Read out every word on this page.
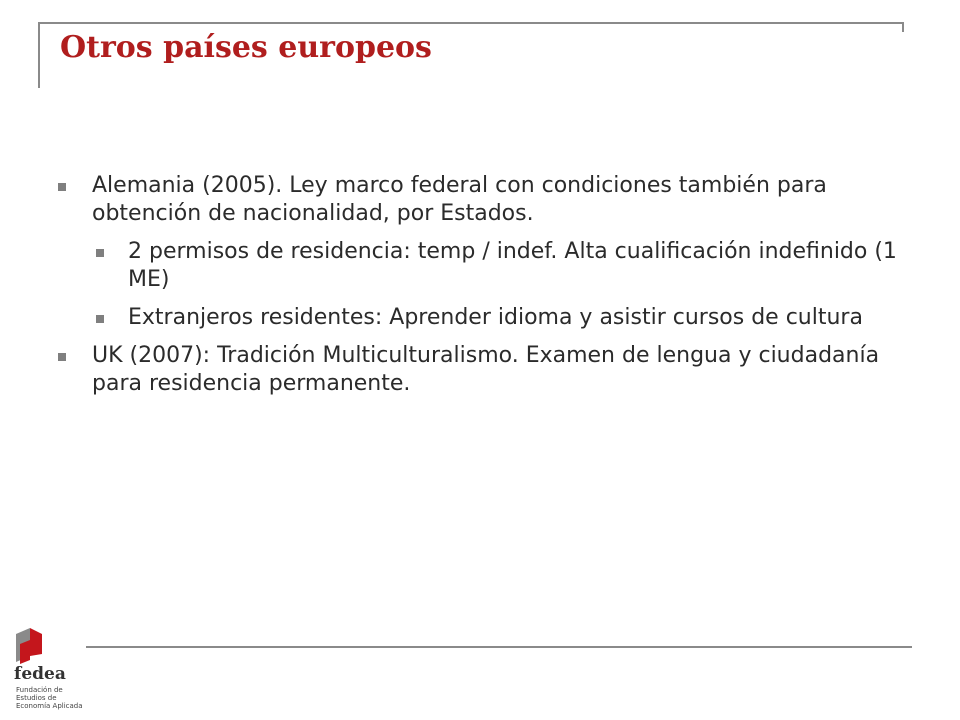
Otros países europeos
Alemania (2005). Ley marco federal con condiciones también para obtención de nacionalidad, por Estados.
2 permisos de residencia: temp / indef. Alta cualificación indefinido (1 ME)
Extranjeros residentes: Aprender idioma y asistir cursos de cultura
UK (2007): Tradición Multiculturalismo. Examen de lengua y ciudadanía para residencia permanente.
fedea
Fundación de
Estudios de
Economía Aplicada
